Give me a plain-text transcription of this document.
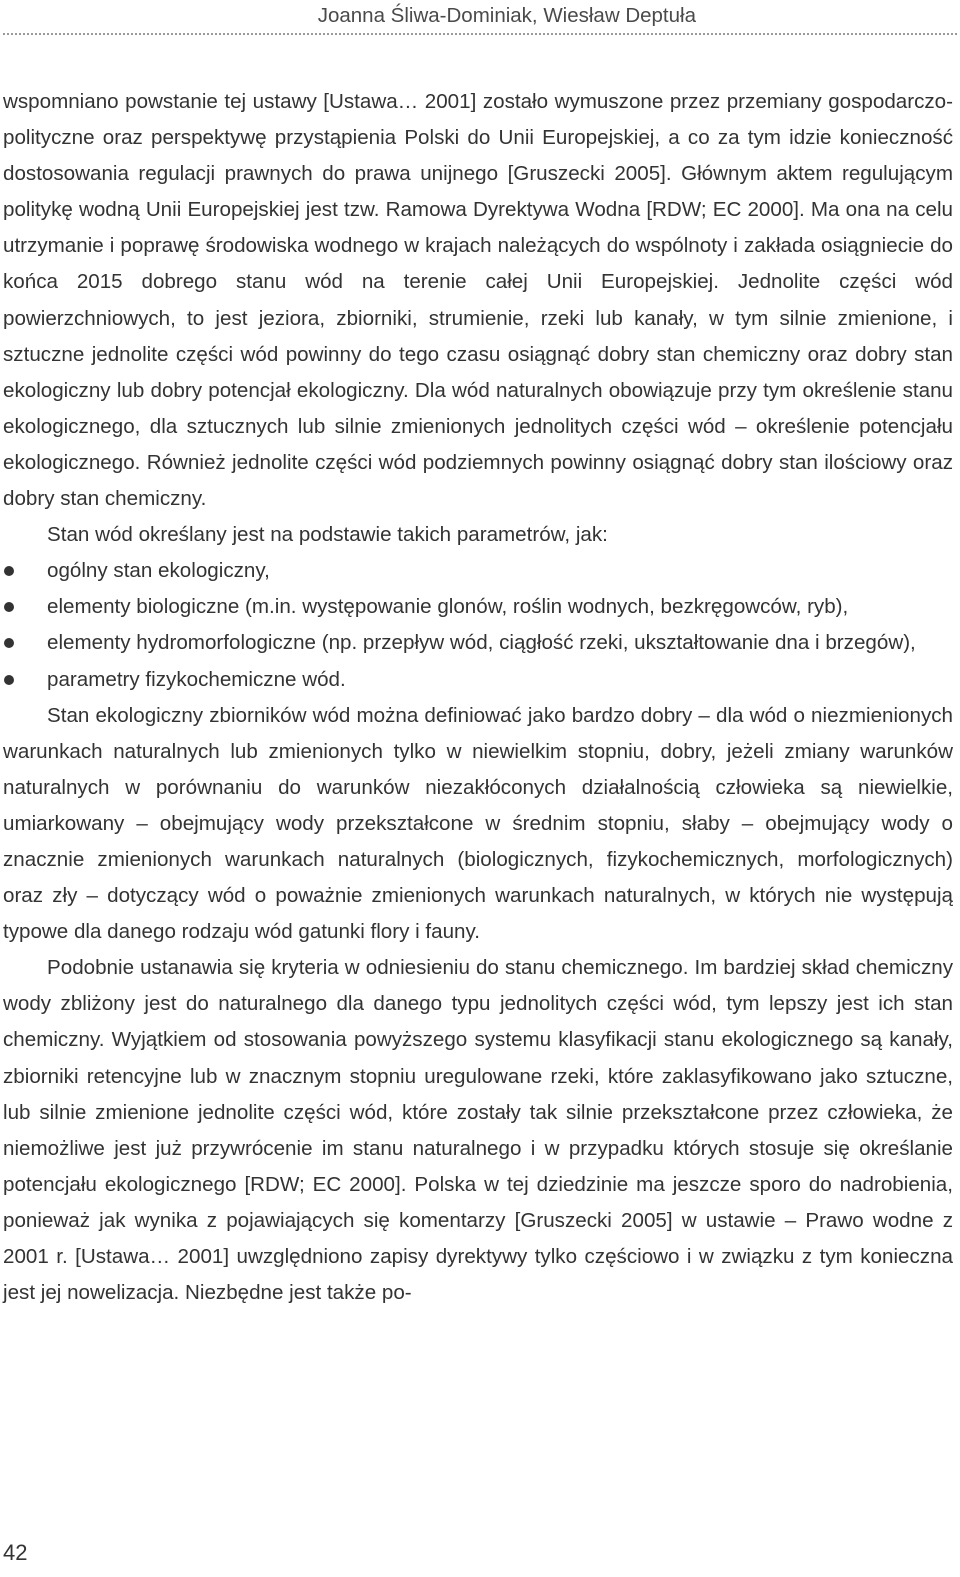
Joanna Śliwa-Dominiak, Wiesław Deptuła

wspomniano powstanie tej ustawy [Ustawa… 2001] zostało wymuszone przez przemiany gospodarczo-polityczne oraz perspektywę przystąpienia Polski do Unii Europejskiej, a co za tym idzie konieczność dostosowania regulacji prawnych do prawa unijnego [Gruszecki 2005]. Głównym aktem regulującym politykę wodną Unii Europejskiej jest tzw. Ramowa Dyrektywa Wodna [RDW; EC 2000]. Ma ona na celu utrzymanie i poprawę środowiska wodnego w krajach należących do wspólnoty i zakłada osiągniecie do końca 2015 dobrego stanu wód na terenie całej Unii Europejskiej. Jednolite części wód powierzchniowych, to jest jeziora, zbiorniki, strumienie, rzeki lub kanały, w tym silnie zmienione, i sztuczne jednolite części wód powinny do tego czasu osiągnąć dobry stan chemiczny oraz dobry stan ekologiczny lub dobry potencjał ekologiczny. Dla wód naturalnych obowiązuje przy tym określenie stanu ekologicznego, dla sztucznych lub silnie zmienionych jednolitych części wód – określenie potencjału ekologicznego. Również jednolite części wód podziemnych powinny osiągnąć dobry stan ilościowy oraz dobry stan chemiczny.

Stan wód określany jest na podstawie takich parametrów, jak:

ogólny stan ekologiczny,
elementy biologiczne (m.in. występowanie glonów, roślin wodnych, bezkręgowców, ryb),
elementy hydromorfologiczne (np. przepływ wód, ciągłość rzeki, ukształtowanie dna i brzegów),
parametry fizykochemiczne wód.

Stan ekologiczny zbiorników wód można definiować jako bardzo dobry – dla wód o niezmienionych warunkach naturalnych lub zmienionych tylko w niewielkim stopniu, dobry, jeżeli zmiany warunków naturalnych w porównaniu do warunków niezakłóconych działalnością człowieka są niewielkie, umiarkowany – obejmujący wody przekształcone w średnim stopniu, słaby – obejmujący wody o znacznie zmienionych warunkach naturalnych (biologicznych, fizykochemicznych, morfologicznych) oraz zły – dotyczący wód o poważnie zmienionych warunkach naturalnych, w których nie występują typowe dla danego rodzaju wód gatunki flory i fauny.

Podobnie ustanawia się kryteria w odniesieniu do stanu chemicznego. Im bardziej skład chemiczny wody zbliżony jest do naturalnego dla danego typu jednolitych części wód, tym lepszy jest ich stan chemiczny. Wyjątkiem od stosowania powyższego systemu klasyfikacji stanu ekologicznego są kanały, zbiorniki retencyjne lub w znacznym stopniu uregulowane rzeki, które zaklasyfikowano jako sztuczne, lub silnie zmienione jednolite części wód, które zostały tak silnie przekształcone przez człowieka, że niemożliwe jest już przywrócenie im stanu naturalnego i w przypadku których stosuje się określanie potencjału ekologicznego [RDW; EC 2000]. Polska w tej dziedzinie ma jeszcze sporo do nadrobienia, ponieważ jak wynika z pojawiających się komentarzy [Gruszecki 2005] w ustawie – Prawo wodne z 2001 r. [Ustawa… 2001] uwzględniono zapisy dyrektywy tylko częściowo i w związku z tym konieczna jest jej nowelizacja. Niezbędne jest także po-

42
